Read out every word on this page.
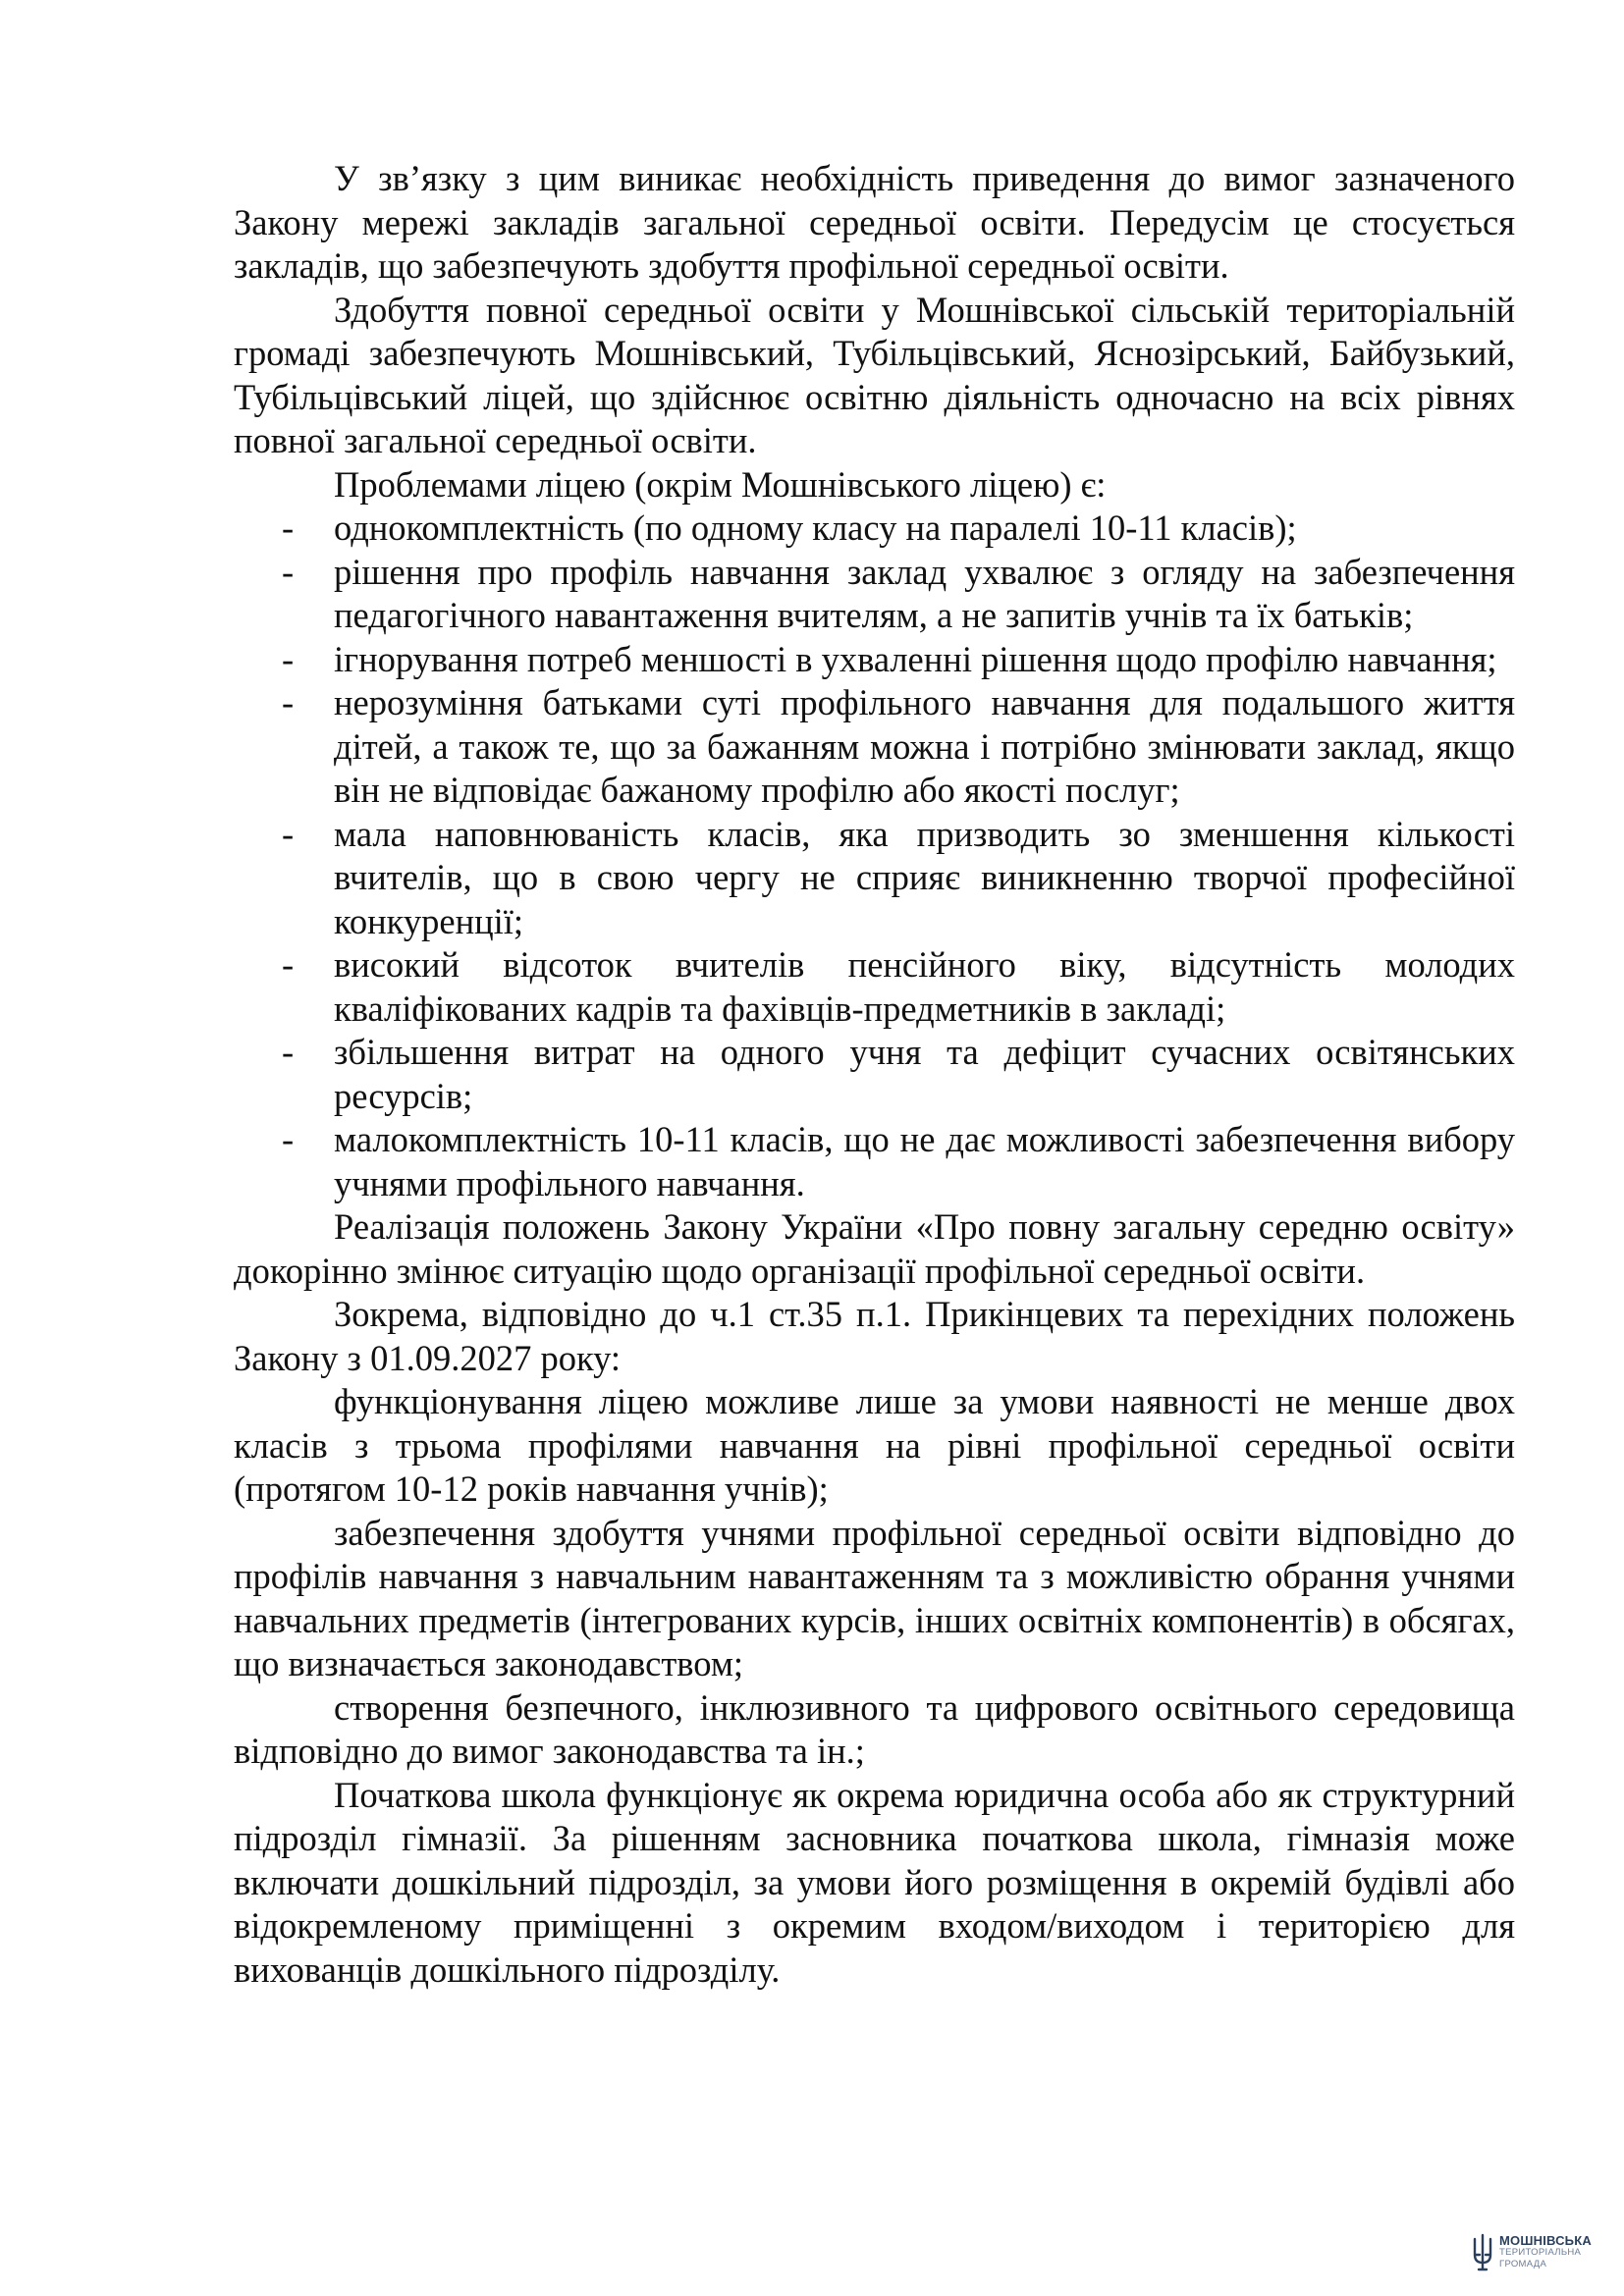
У зв’язку з цим виникає необхідність приведення до вимог зазначеного Закону мережі закладів загальної середньої освіти. Передусім це стосується закладів, що забезпечують здобуття профільної середньої освіти.

Здобуття повної середньої освіти у Мошнівської сільській територіальній громаді забезпечують Мошнівський, Тубільцівський, Яснозірський, Байбузький, Тубільцівський ліцей, що здійснює освітню діяльність одночасно на всіх рівнях повної загальної середньої освіти.

Проблемами ліцею (окрім Мошнівського ліцею) є:

- однокомплектність (по одному класу на паралелі 10-11 класів);
- рішення про профіль навчання заклад ухвалює з огляду на забезпечення педагогічного навантаження вчителям, а не запитів учнів та їх батьків;
- ігнорування потреб меншості в ухваленні рішення щодо профілю навчання;
- нерозуміння батьками суті профільного навчання для подальшого життя дітей, а також те, що за бажанням можна і потрібно змінювати заклад, якщо він не відповідає бажаному профілю або якості послуг;
- мала наповнюваність класів, яка призводить зо зменшення кількості вчителів, що в свою чергу не сприяє виникненню творчої професійної конкуренції;
- високий відсоток вчителів пенсійного віку, відсутність молодих кваліфікованих кадрів та фахівців-предметників в закладі;
- збільшення витрат на одного учня та дефіцит сучасних освітянських ресурсів;
- малокомплектність 10-11 класів, що не дає можливості забезпечення вибору учнями профільного навчання.

Реалізація положень Закону України «Про повну загальну середню освіту» докорінно змінює ситуацію щодо організації профільної середньої освіти.

Зокрема, відповідно до ч.1 ст.35 п.1. Прикінцевих та перехідних положень Закону з 01.09.2027 року:

функціонування ліцею можливе лише за умови наявності не менше двох класів з трьома профілями навчання на рівні профільної середньої освіти (протягом 10-12 років навчання учнів);

забезпечення здобуття учнями профільної середньої освіти відповідно до профілів навчання з навчальним навантаженням та з можливістю обрання учнями навчальних предметів (інтегрованих курсів, інших освітніх компонентів) в обсягах, що визначається законодавством;

створення безпечного, інклюзивного та цифрового освітнього середовища відповідно до вимог законодавства та ін.;

Початкова школа функціонує як окрема юридична особа або як структурний підрозділ гімназії. За рішенням засновника початкова школа, гімназія може включати дошкільний підрозділ, за умови його розміщення в окремій будівлі або відокремленому приміщенні з окремим входом/виходом і територією для вихованців дошкільного підрозділу.

МОШНІВСЬКА
ТЕРИТОРІАЛЬНА
ГРОМАДА
